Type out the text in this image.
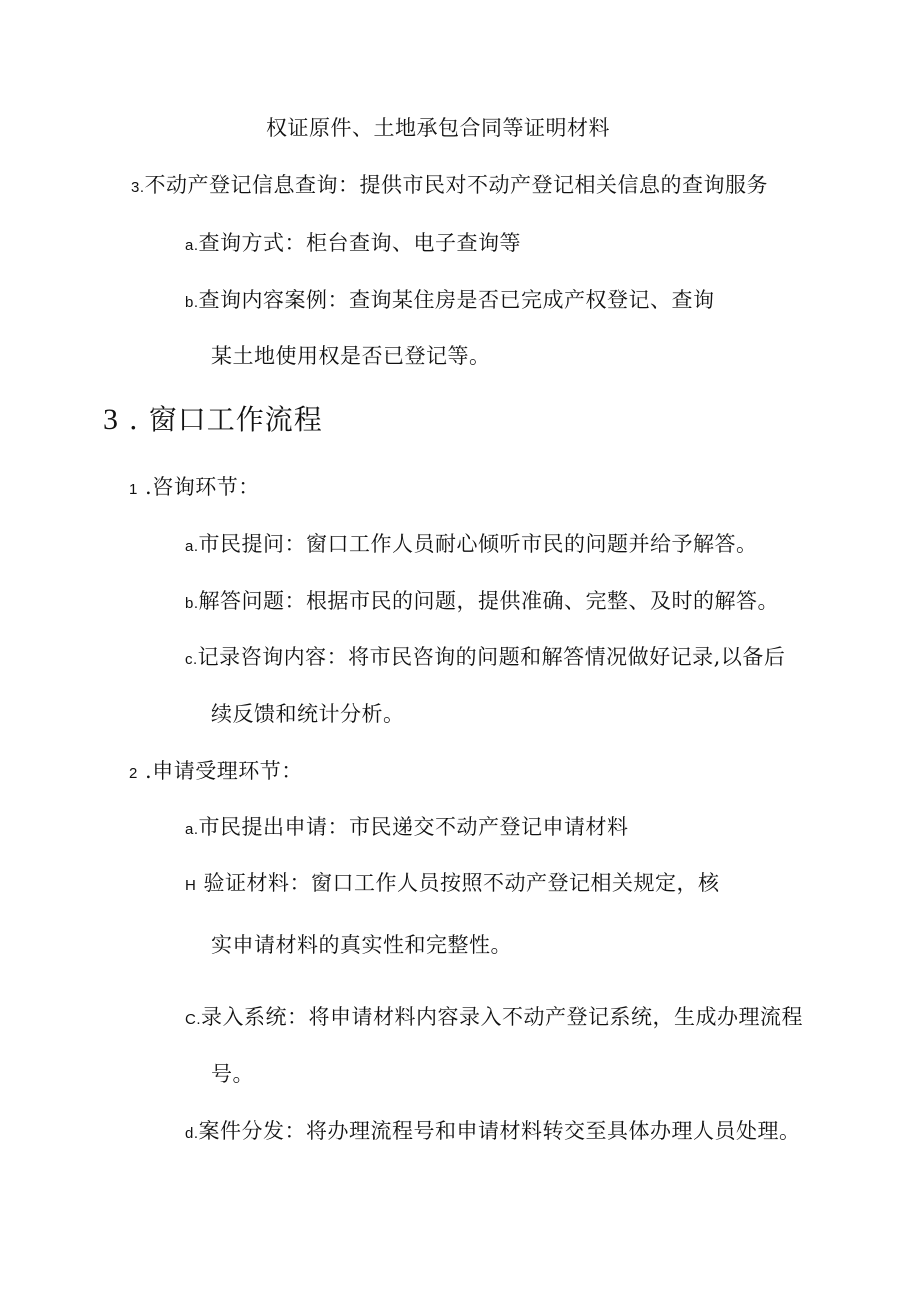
权证原件、土地承包合同等证明材料
3.不动产登记信息查询：提供市民对不动产登记相关信息的查询服务
a.查询方式：柜台查询、电子查询等
b.查询内容案例：查询某住房是否已完成产权登记、查询
某土地使用权是否已登记等。
3 . 窗口工作流程
1 .咨询环节：
a.市民提问：窗口工作人员耐心倾听市民的问题并给予解答。
b.解答问题：根据市民的问题，提供准确、完整、及时的解答。
c.记录咨询内容：将市民咨询的问题和解答情况做好记录,以备后
续反馈和统计分析。
2 .申请受理环节：
a.市民提出申请：市民递交不动产登记申请材料
H 验证材料：窗口工作人员按照不动产登记相关规定，核
实申请材料的真实性和完整性。
C.录入系统：将申请材料内容录入不动产登记系统，生成办理流程
号。
d.案件分发：将办理流程号和申请材料转交至具体办理人员处理。
